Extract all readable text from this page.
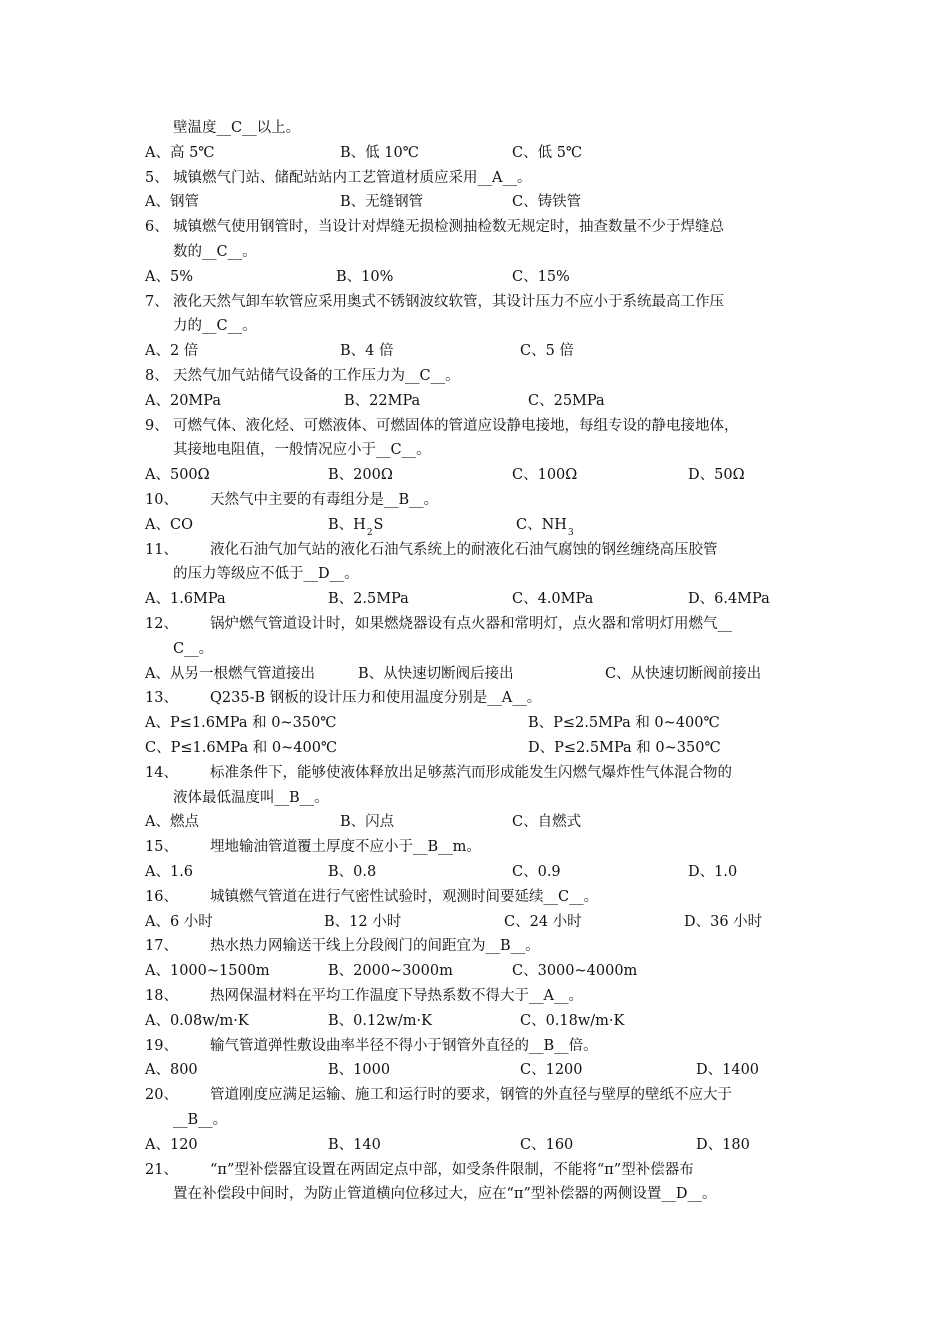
壁温度__C__以上。
A、高 5℃	B、低 10℃	C、低 5℃
5、 城镇燃气门站、储配站站内工艺管道材质应采用__A__。
A、钢管	B、无缝钢管	C、铸铁管
6、 城镇燃气使用钢管时，当设计对焊缝无损检测抽检数无规定时，抽查数量不少于焊缝总
数的__C__。
A、5%	B、10%	C、15%
7、 液化天然气卸车软管应采用奥式不锈钢波纹软管，其设计压力不应小于系统最高工作压
力的__C__。
A、2 倍	B、4 倍	C、5 倍
8、 天然气加气站储气设备的工作压力为__C__。
A、20MPa	B、22MPa	C、25MPa
9、 可燃气体、液化烃、可燃液体、可燃固体的管道应设静电接地，每组专设的静电接地体，
其接地电阻值，一般情况应小于__C__。
A、500Ω	B、200Ω	C、100Ω	D、50Ω
10、 天然气中主要的有毒组分是__B__。
A、CO	B、$H_2S$	C、$NH_3$
11、 液化石油气加气站的液化石油气系统上的耐液化石油气腐蚀的钢丝缠绕高压胶管
的压力等级应不低于__D__。
A、1.6MPa	B、2.5MPa	C、4.0MPa	D、6.4MPa
12、 锅炉燃气管道设计时，如果燃烧器设有点火器和常明灯，点火器和常明灯用燃气__
C__。
A、从另一根燃气管道接出	B、从快速切断阀后接出	C、从快速切断阀前接出
13、 Q235-B 钢板的设计压力和使用温度分别是__A__。
A、P≤1.6MPa 和 0~350℃	B、P≤2.5MPa 和 0~400℃
C、P≤1.6MPa 和 0~400℃	D、P≤2.5MPa 和 0~350℃
14、 标准条件下，能够使液体释放出足够蒸汽而形成能发生闪燃气爆炸性气体混合物的
液体最低温度叫__B__。
A、燃点	B、闪点	C、自燃式
15、 埋地输油管道覆土厚度不应小于__B__m。
A、1.6	B、0.8	C、0.9	D、1.0
16、 城镇燃气管道在进行气密性试验时，观测时间要延续__C__。
A、6 小时	B、12 小时	C、24 小时	D、36 小时
17、 热水热力网输送干线上分段阀门的间距宜为__B__。
A、1000~1500m	B、2000~3000m	C、3000~4000m
18、 热网保温材料在平均工作温度下导热系数不得大于__A__。
A、0.08w/m·K	B、0.12w/m·K	C、0.18w/m·K
19、 输气管道弹性敷设曲率半径不得小于钢管外直径的__B__倍。
A、800	B、1000	C、1200	D、1400
20、 管道刚度应满足运输、施工和运行时的要求，钢管的外直径与壁厚的壁纸不应大于
__B__。
A、120	B、140	C、160	D、180
21、 “π”型补偿器宜设置在两固定点中部，如受条件限制，不能将“π”型补偿器布
置在补偿段中间时，为防止管道横向位移过大，应在“π”型补偿器的两侧设置__D__。
